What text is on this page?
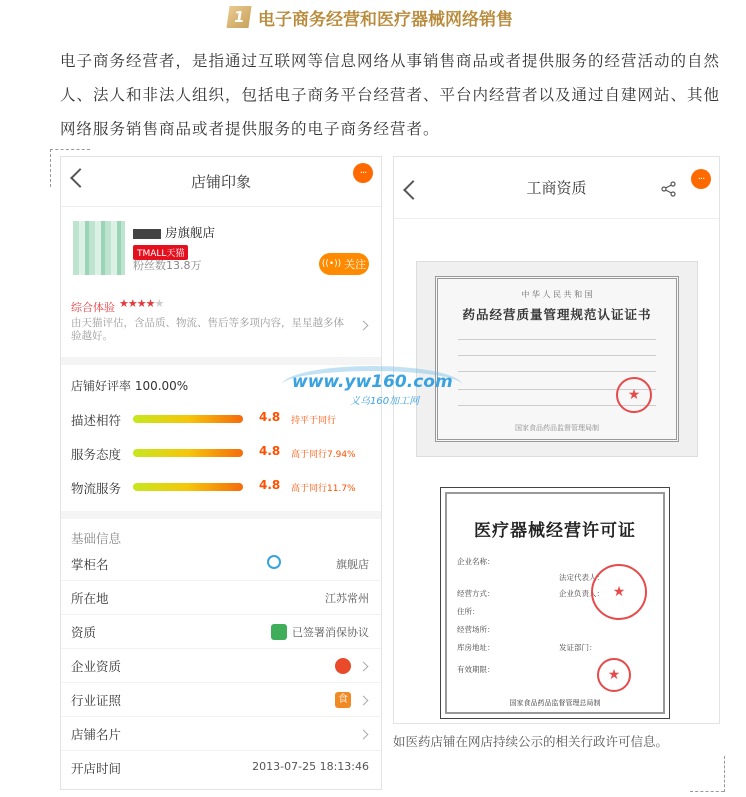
1 电子商务经营和医疗器械网络销售

电子商务经营者，是指通过互联网等信息网络从事销售商品或者提供服务的经营活动的自然人、法人和非法人组织，包括电子商务平台经营者、平台内经营者以及通过自建网站、其他网络服务销售商品或者提供服务的电子商务经营者。

店铺印象	···
房旗舰店
TMALL天猫
粉丝数13.8万	((•)) 关注
综合体验 ★★★★★

由天猫评估，含品质、物流、售后等多项内容，星星越多体验越好。

店铺好评率 100.00%
描述相符	4.8 持平于同行
服务态度	4.8 高于同行7.94%
物流服务	4.8 高于同行11.7%
基础信息
掌柜名	旗舰店
所在地	江苏常州
资质	已签署消保协议
企业资质
行业证照	食
店铺名片
开店时间	2013-07-25 18:13:46
工商资质	···
中 华 人 民 共 和 国
药品经营质量管理规范认证证书
★
国家食品药品监督管理局制
医疗器械经营许可证
企业名称：
法定代表人：
经营方式：	企业负责人：
住所：
经营场所：
库房地址：	发证部门：
有效期限：
★
★
国家食品药品监督管理总局制

如医药店铺在网店持续公示的相关行政许可信息。

www.yw160.com
义乌160加工网
